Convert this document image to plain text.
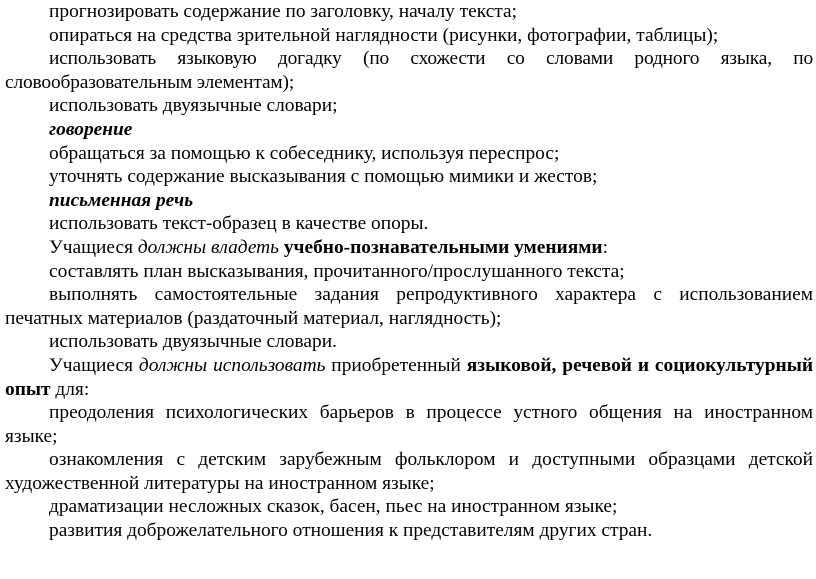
прогнозировать содержание по заголовку, началу текста;

опираться на средства зрительной наглядности (рисунки, фотографии, таблицы);

использовать языковую догадку (по схожести со словами родного языка, по словообразовательным элементам);

использовать двуязычные словари;

говорение

обращаться за помощью к собеседнику, используя переспрос;

уточнять содержание высказывания с помощью мимики и жестов;

письменная речь

использовать текст-образец в качестве опоры.

Учащиеся должны владеть учебно-познавательными умениями:

составлять план высказывания, прочитанного/прослушанного текста;

выполнять самостоятельные задания репродуктивного характера с использованием печатных материалов (раздаточный материал, наглядность);

использовать двуязычные словари.

Учащиеся должны использовать приобретенный языковой, речевой и социокультурный опыт для:

преодоления психологических барьеров в процессе устного общения на иностранном языке;

ознакомления с детским зарубежным фольклором и доступными образцами детской художественной литературы на иностранном языке;

драматизации несложных сказок, басен, пьес на иностранном языке;

развития доброжелательного отношения к представителям других стран.
